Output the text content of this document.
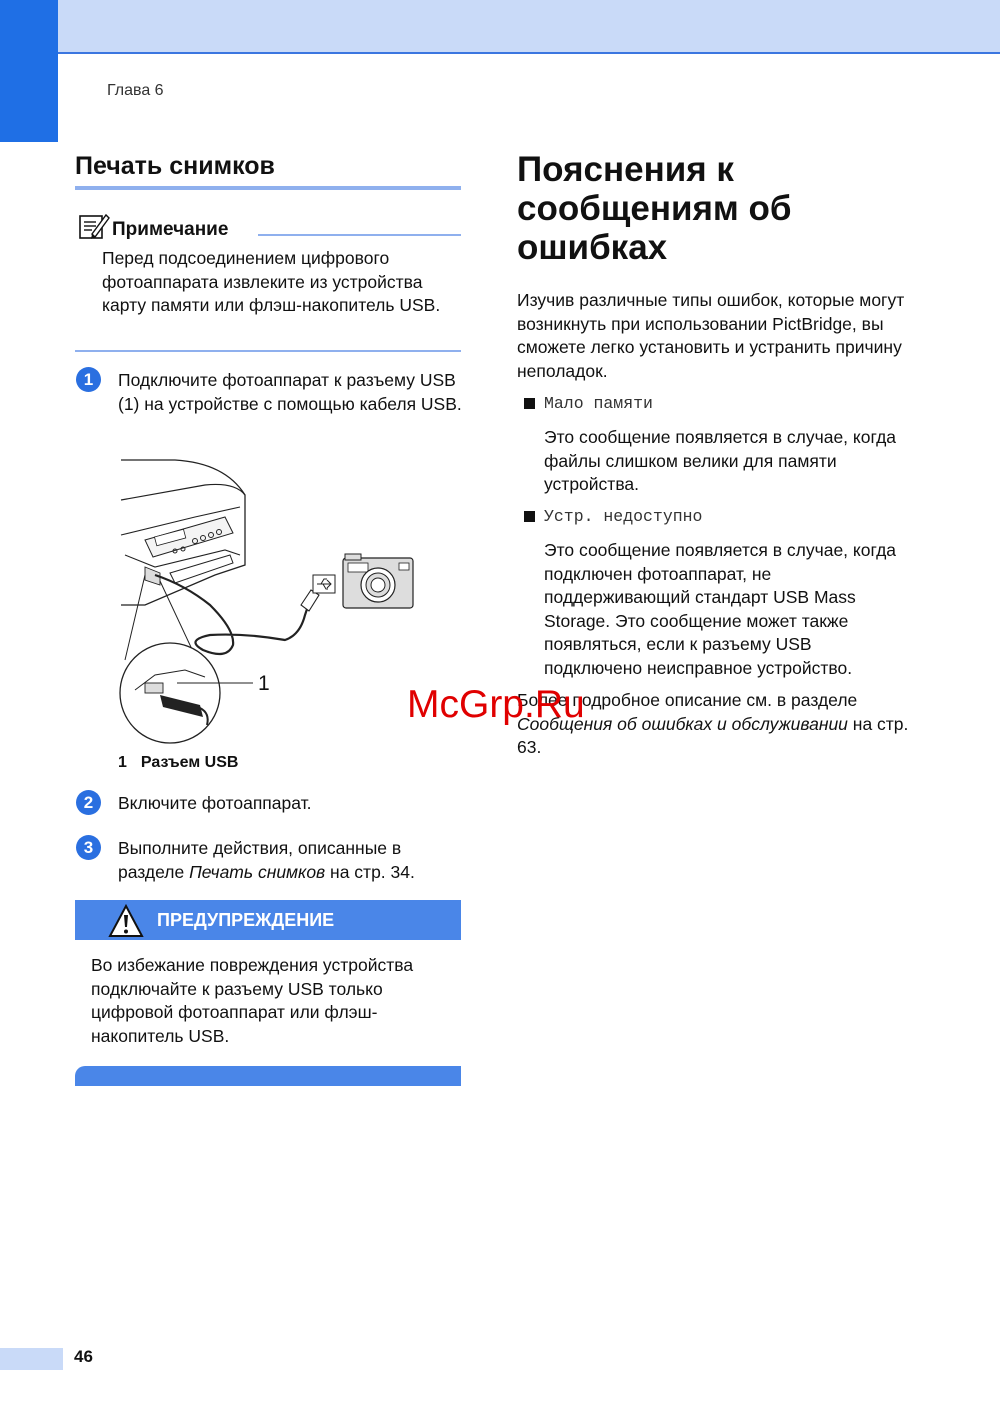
Глава 6
Печать снимков
Примечание
Перед подсоединением цифрового фотоаппарата извлеките из устройства карту памяти или флэш-накопитель USB.
1	Подключите фотоаппарат к разъему USB (1) на устройстве с помощью кабеля USB.
1
1 Разъем USB
2	Включите фотоаппарат.
3	Выполните действия, описанные в разделе Печать снимков на стр. 34.
ПРЕДУПРЕЖДЕНИЕ
Во избежание повреждения устройства подключайте к разъему USB только цифровой фотоаппарат или флэш-накопитель USB.
Пояснения к сообщениям об ошибках
Изучив различные типы ошибок, которые могут возникнуть при использовании PictBridge, вы сможете легко установить и устранить причину неполадок.
Мало памяти
Это сообщение появляется в случае, когда файлы слишком велики для памяти устройства.
Устр. недоступно
Это сообщение появляется в случае, когда подключен фотоаппарат, не поддерживающий стандарт USB Mass Storage. Это сообщение может также появляться, если к разъему USB подключено неисправное устройство.
Более подробное описание см. в разделе Сообщения об ошибках и обслуживании на стр. 63.
McGrp.Ru
46
